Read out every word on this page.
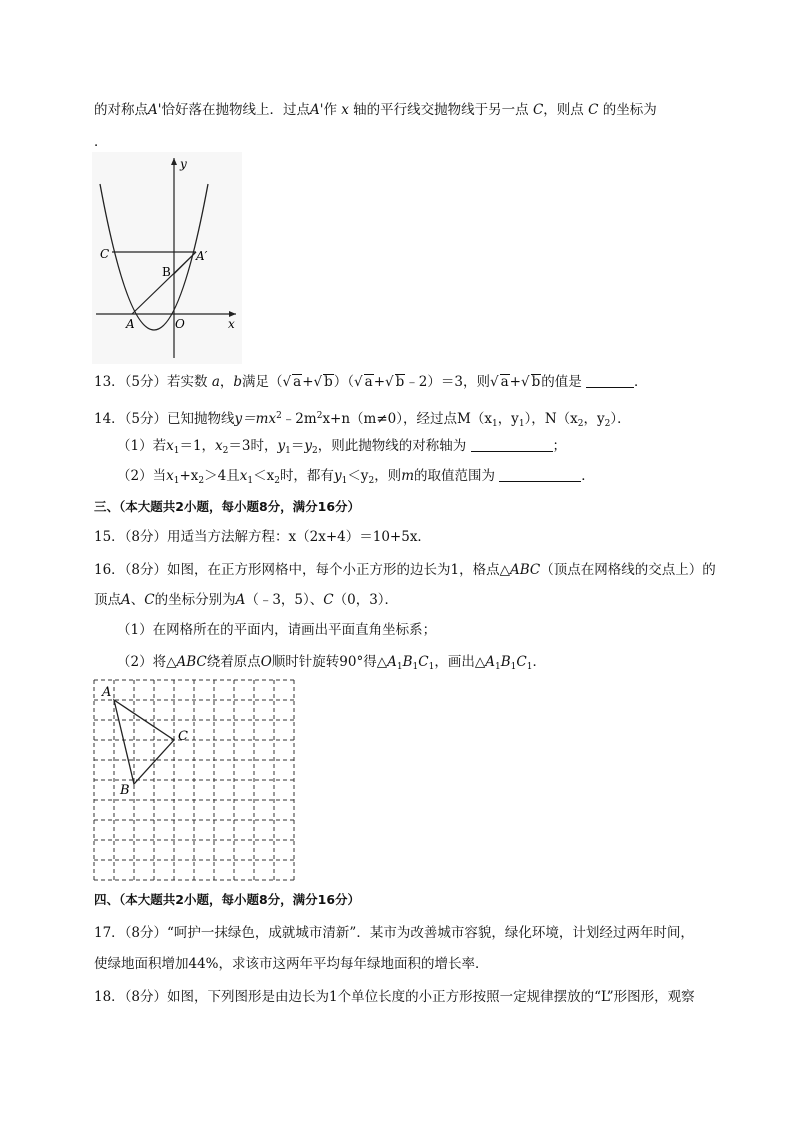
的对称点A'恰好落在抛物线上．过点A'作 x 轴的平行线交抛物线于另一点 C，则点 C 的坐标为
．
y
x
C	A′
B
A	O
13．（5分）若实数 a，b满足（√ a+√ b）（√ a+√ b﹣2）＝3，则√ a+√ b的值是	．
14．（5分）已知抛物线$y=mx^2﹣2m^2x+n(m\ne 0)$，经过点$M(x_1$，$y_1$），$N(x_2$，$y_2$）．
（1）若$x_1=1$，$x_2=3$时，$y_1=y_2$，则此抛物线的对称轴为	；
（2）当$x_1+x_2>4$且$x_1<x_2$时，都有$y_1<y_2$，则m的取值范围为	．
三、（本大题共2小题，每小题8分，满分16分）
15．（8分）用适当方法解方程：x（2x+4）＝10+5x．
16．（8分）如图，在正方形网格中，每个小正方形的边长为1，格点△ABC（顶点在网格线的交点上）的
顶点A、C的坐标分别为A（﹣3，5）、C（0，3）．
（1）在网格所在的平面内，请画出平面直角坐标系；
（2）将△ABC绕着原点O顺时针旋转90°得$\triangle A_1B_1C_1$，画出$\triangle A_1B_1C_1$．
A
C
B
四、（本大题共2小题，每小题8分，满分16分）
17．（8分）“呵护一抹绿色，成就城市清新”．某市为改善城市容貌，绿化环境，计划经过两年时间，
使绿地面积增加44%，求该市这两年平均每年绿地面积的增长率．
18．（8分）如图，下列图形是由边长为1个单位长度的小正方形按照一定规律摆放的“L”形图形，观察
